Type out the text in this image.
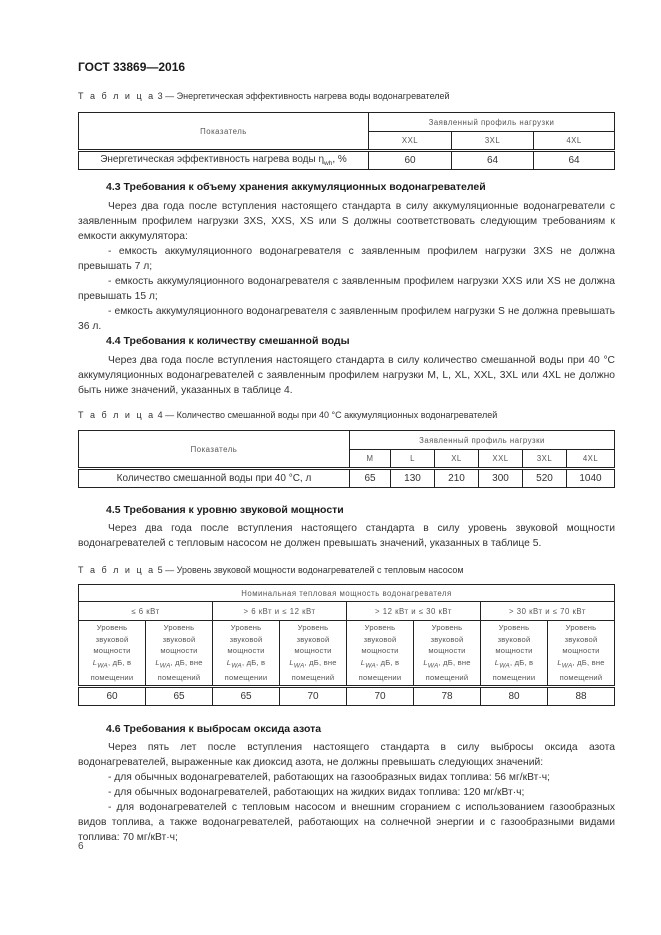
ГОСТ 33869—2016
Т а б л и ц а 3 — Энергетическая эффективность нагрева воды водонагревателей
Показатель	Заявленный профиль нагрузки		
	XXL	3XL	4XL
Энергетическая эффективность нагрева воды $\eta_{wh}$, %	60	64	64
4.3 Требования к объему хранения аккумуляционных водонагревателей

Через два года после вступления настоящего стандарта в силу аккумуляционные водонагреватели с заявленным профилем нагрузки 3XS, XXS, XS или S должны соответствовать следующим требованиям к емкости аккумулятора:

- емкость аккумуляционного водонагревателя с заявленным профилем нагрузки 3XS не должна превышать 7 л;

- емкость аккумуляционного водонагревателя с заявленным профилем нагрузки XXS или XS не должна превышать 15 л;

- емкость аккумуляционного водонагревателя с заявленным профилем нагрузки S не должна превышать 36 л.

4.4 Требования к количеству смешанной воды

Через два года после вступления настоящего стандарта в силу количество смешанной воды при 40 °С аккумуляционных водонагревателей с заявленным профилем нагрузки M, L, XL, XXL, 3XL или 4XL не должно быть ниже значений, указанных в таблице 4.

Т а б л и ц а 4 — Количество смешанной воды при 40 °С аккумуляционных водонагревателей
Показатель	Заявленный профиль нагрузки					
	M	L	XL	XXL	3XL	4XL
Количество смешанной воды при 40 °С, л	65	130	210	300	520	1040
4.5 Требования к уровню звуковой мощности

Через два года после вступления настоящего стандарта в силу уровень звуковой мощности водонагревателей с тепловым насосом не должен превышать значений, указанных в таблице 5.

Т а б л и ц а 5 — Уровень звуковой мощности водонагревателей с тепловым насосом
Номинальная тепловая мощность водонагревателя							
≤ 6 кВт		> 6 кВт и ≤ 12 кВт		> 12 кВт и ≤ 30 кВт		> 30 кВт и ≤ 70 кВт	
Уровень
звуковой
мощности
$L_{WA}$, дБ, в
помещении	Уровень
звуковой
мощности
$L_{WA}$, дБ, вне
помещений	Уровень
звуковой
мощности
$L_{WA}$, дБ, в
помещении	Уровень
звуковой
мощности
$L_{WA}$, дБ, вне
помещений	Уровень
звуковой
мощности
$L_{WA}$, дБ, в
помещении	Уровень
звуковой
мощности
$L_{WA}$, дБ, вне
помещений	Уровень
звуковой
мощности
$L_{WA}$, дБ, в
помещении	Уровень
звуковой
мощности
$L_{WA}$, дБ, вне
помещений
60	65	65	70	70	78	80	88
4.6 Требования к выбросам оксида азота

Через пять лет после вступления настоящего стандарта в силу выбросы оксида азота водонагревателей, выраженные как диоксид азота, не должны превышать следующих значений:

- для обычных водонагревателей, работающих на газообразных видах топлива: 56 мг/кВт·ч;

- для обычных водонагревателей, работающих на жидких видах топлива: 120 мг/кВт·ч;

- для водонагревателей с тепловым насосом и внешним сгоранием с использованием газообразных видов топлива, а также водонагревателей, работающих на солнечной энергии и с газообразными видами топлива: 70 мг/кВт·ч;

6
